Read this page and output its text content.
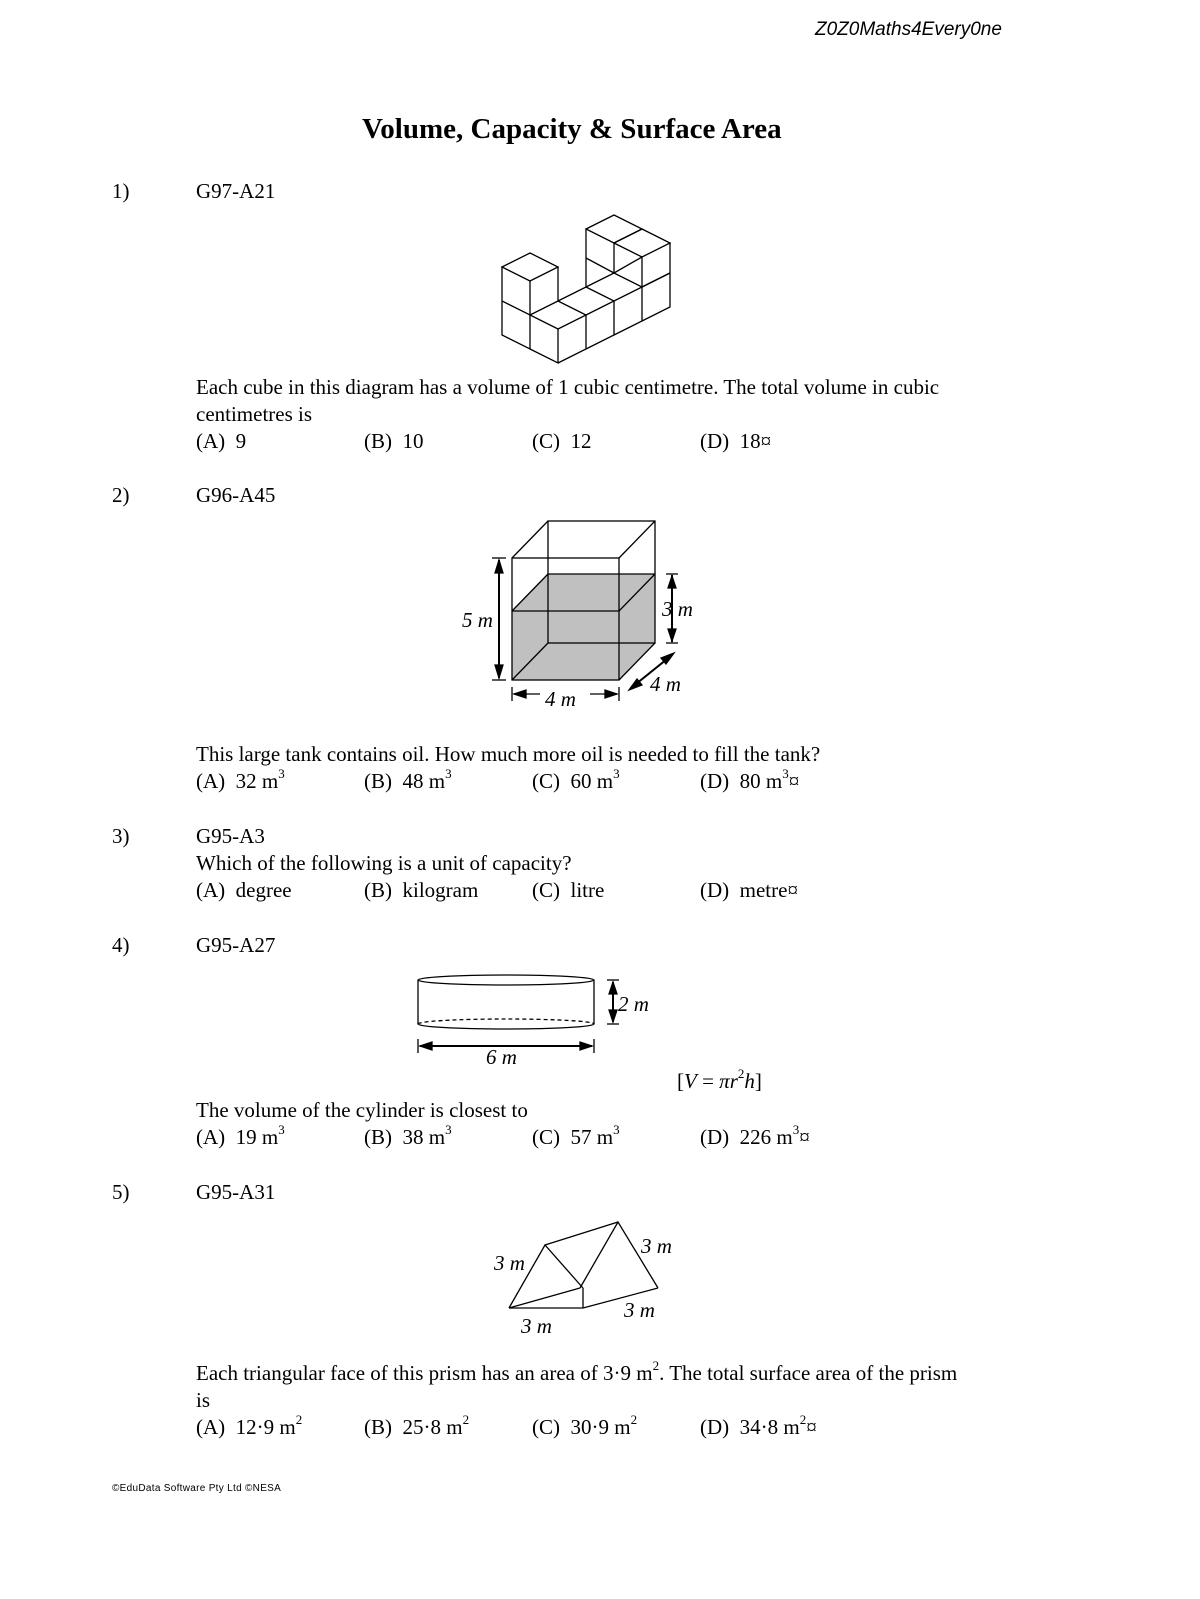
Z0Z0Maths4Every0ne
Volume, Capacity & Surface Area
1)	G97-A21
Each cube in this diagram has a volume of 1 cubic centimetre. The total volume in cubic
centimetres is
(A) 9	(B) 10	(C) 12	(D) 18¤
2)	G96-A45
5 m	3 m
4 m
4 m
This large tank contains oil. How much more oil is needed to fill the tank?
(A) 32 $m^3$	(B) 48 $m^3$	(C) 60 $m^3$	(D) 80 $m^3¤$
3)	G95-A3
Which of the following is a unit of capacity?
(A) degree	(B) kilogram	(C) litre	(D) metre¤
4)	G95-A27
2 m
6 m
$[V = \pi r^2h]$
The volume of the cylinder is closest to
(A) 19 $m^3$	(B) 38 $m^3$	(C) 57 $m^3$	(D) 226 $m^3¤$
5)	G95-A31
3 m
3 m
3 m
3 m
Each triangular face of this prism has an area of 3·9 $m^2$. The total surface area of the prism
is
(A) 12·9 $m^2$	(B) 25·8 $m^2$	(C) 30·9 $m^2$	(D) 34·8 $m^2¤$
©EduData Software Pty Ltd ©NESA
